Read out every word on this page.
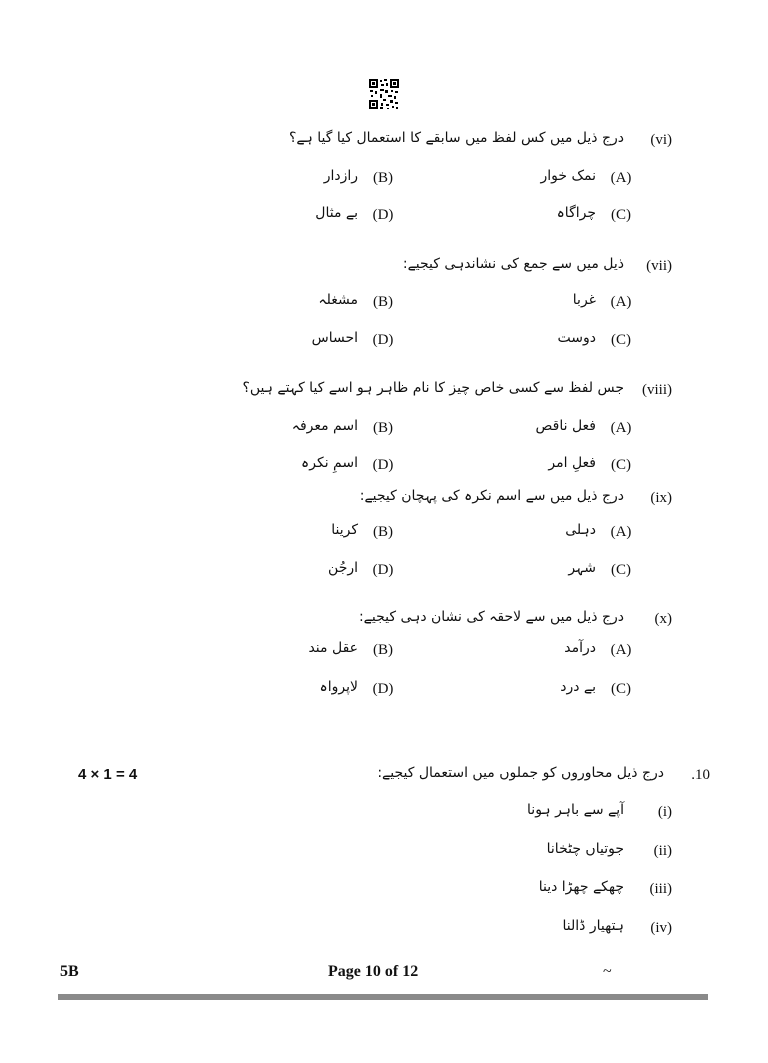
(vi)
درج ذیل میں کس لفظ میں سابقے کا استعمال کیا گیا ہے؟
(A)
نمک خوار
(B)
رازدار
(C)
چراگاہ
(D)
بے مثال
(vii)
ذیل میں سے جمع کی نشاندہی کیجیے:
(A)
غربا
(B)
مشغلہ
(C)
دوست
(D)
احساس
(viii)
جس لفظ سے کسی خاص چیز کا نام ظاہر ہو اسے کیا کہتے ہیں؟
(A)
فعل ناقص
(B)
اسم معرفہ
(C)
فعلِ امر
(D)
اسمِ نکرہ
(ix)
درج ذیل میں سے اسم نکرہ کی پہچان کیجیے:
(A)
دہلی
(B)
کرینا
(C)
شہر
(D)
ارجُن
(x)
درج ذیل میں سے لاحقہ کی نشان دہی کیجیے:
(A)
درآمد
(B)
عقل مند
(C)
بے درد
(D)
لاپرواہ
4 × 1 = 4	.10
درج ذیل محاوروں کو جملوں میں استعمال کیجیے:
(i)
آپے سے باہر ہونا
(ii)
جوتیاں چٹخانا
(iii)
چھکے چھڑا دینا
(iv)
ہتھیار ڈالنا
5B	Page 10 of 12	~
